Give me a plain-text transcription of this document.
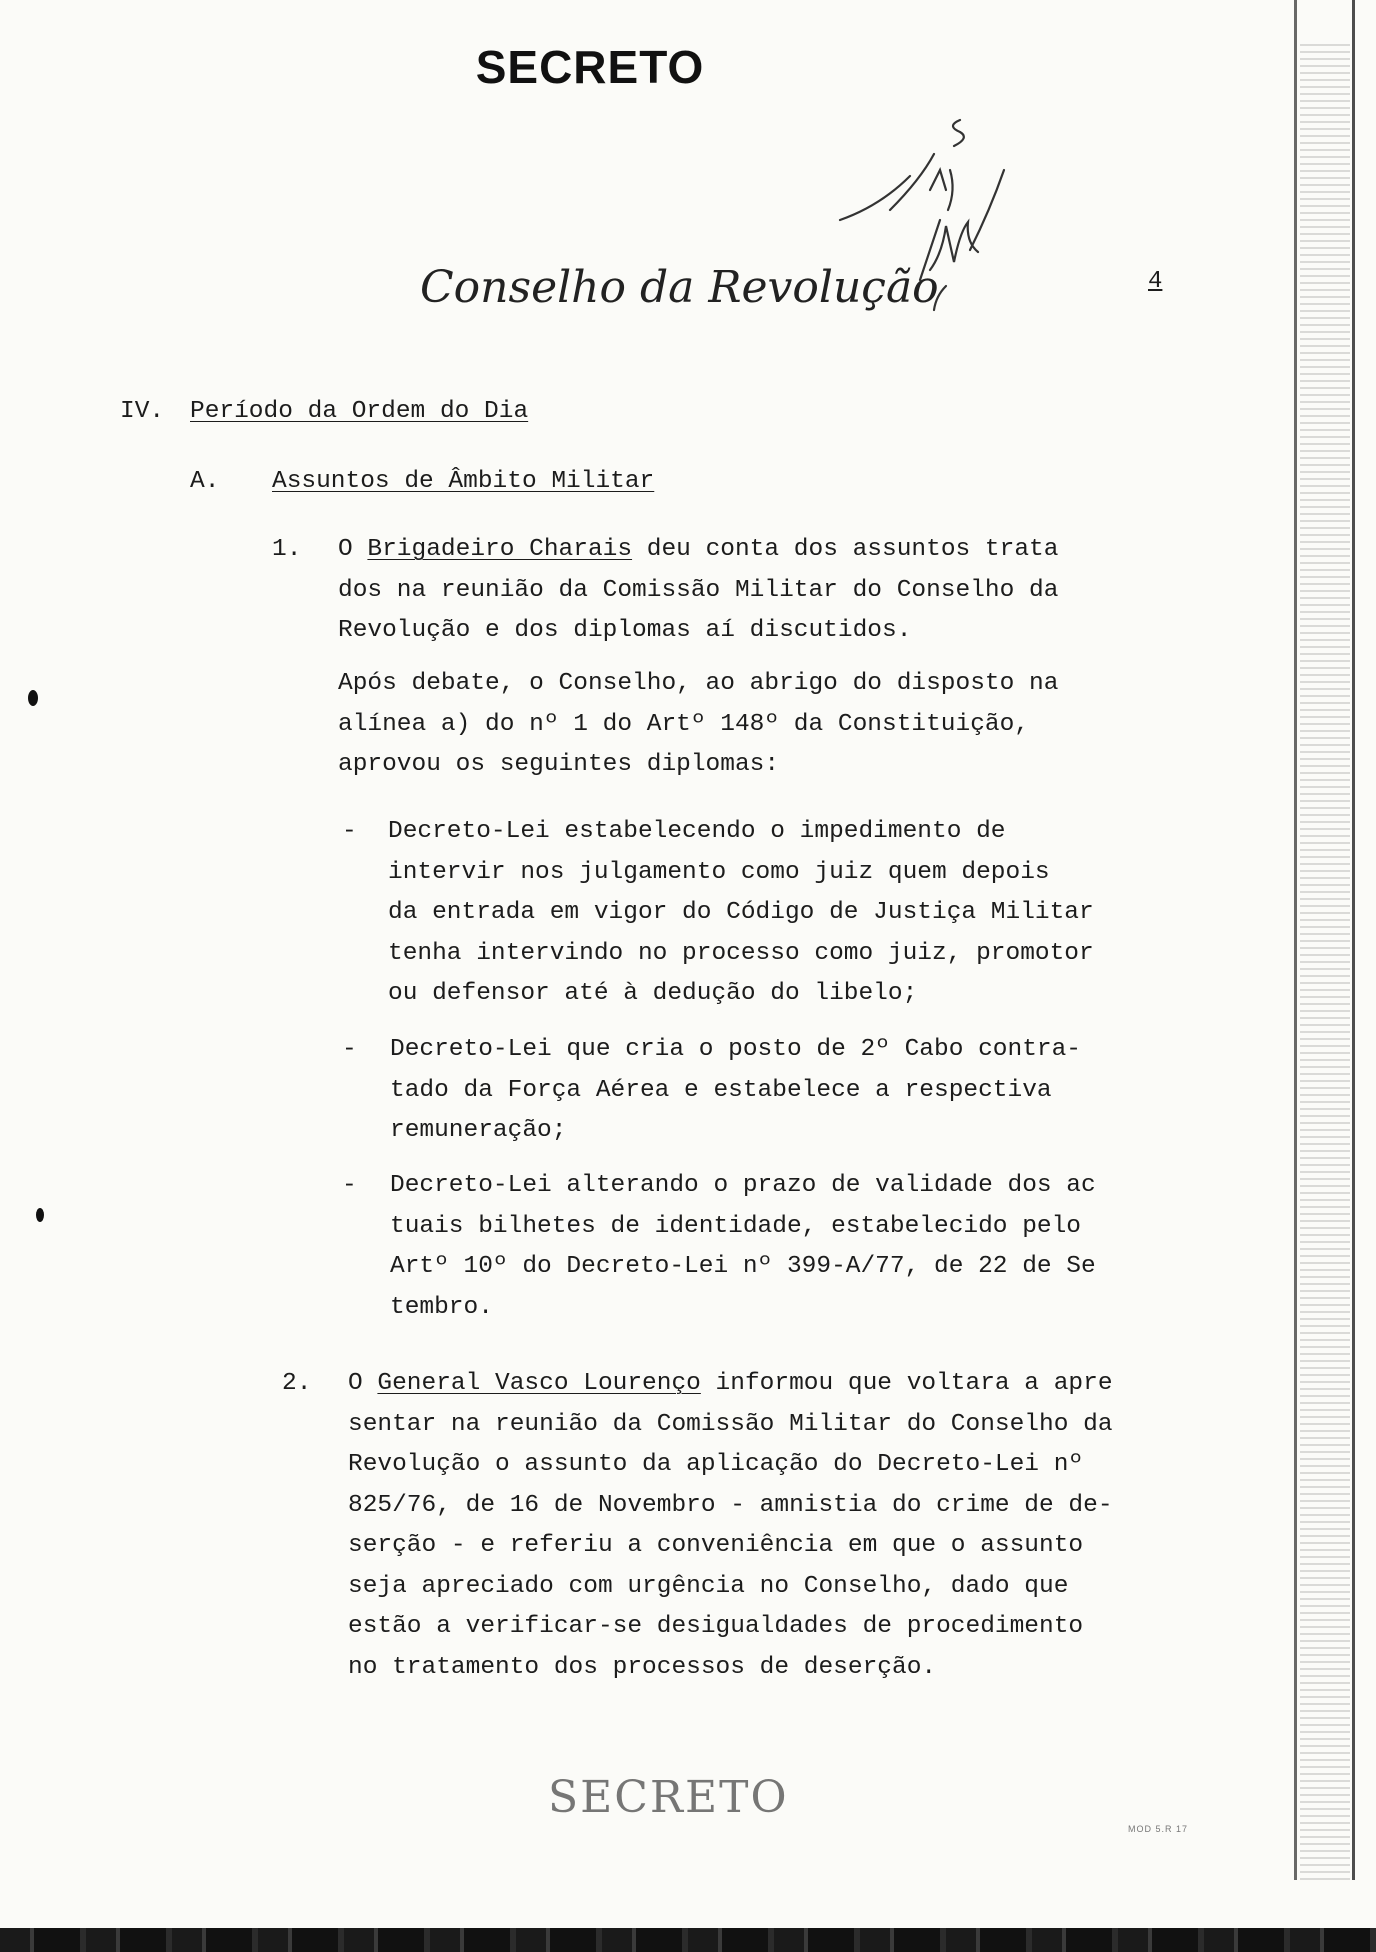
SECRETO
Conselho da Revolução	4
IV. Período da Ordem do Dia
A. Assuntos de Âmbito Militar
1. O Brigadeiro Charais deu conta dos assuntos trata
dos na reunião da Comissão Militar do Conselho da
Revolução e dos diplomas aí discutidos.
Após debate, o Conselho, ao abrigo do disposto na
alínea a) do nº 1 do Artº 148º da Constituição,
aprovou os seguintes diplomas:
- Decreto-Lei estabelecendo o impedimento de
intervir nos julgamento como juiz quem depois
da entrada em vigor do Código de Justiça Militar
tenha intervindo no processo como juiz, promotor
ou defensor até à dedução do libelo;
- Decreto-Lei que cria o posto de 2º Cabo contra-
tado da Força Aérea e estabelece a respectiva
remuneração;
- Decreto-Lei alterando o prazo de validade dos ac
tuais bilhetes de identidade, estabelecido pelo
Artº 10º do Decreto-Lei nº 399-A/77, de 22 de Se
tembro.
2. O General Vasco Lourenço informou que voltara a apre
sentar na reunião da Comissão Militar do Conselho da
Revolução o assunto da aplicação do Decreto-Lei nº
825/76, de 16 de Novembro - amnistia do crime de de-
serção - e referiu a conveniência em que o assunto
seja apreciado com urgência no Conselho, dado que
estão a verificar-se desigualdades de procedimento
no tratamento dos processos de deserção.
SECRETO
MOD 5.R 17
